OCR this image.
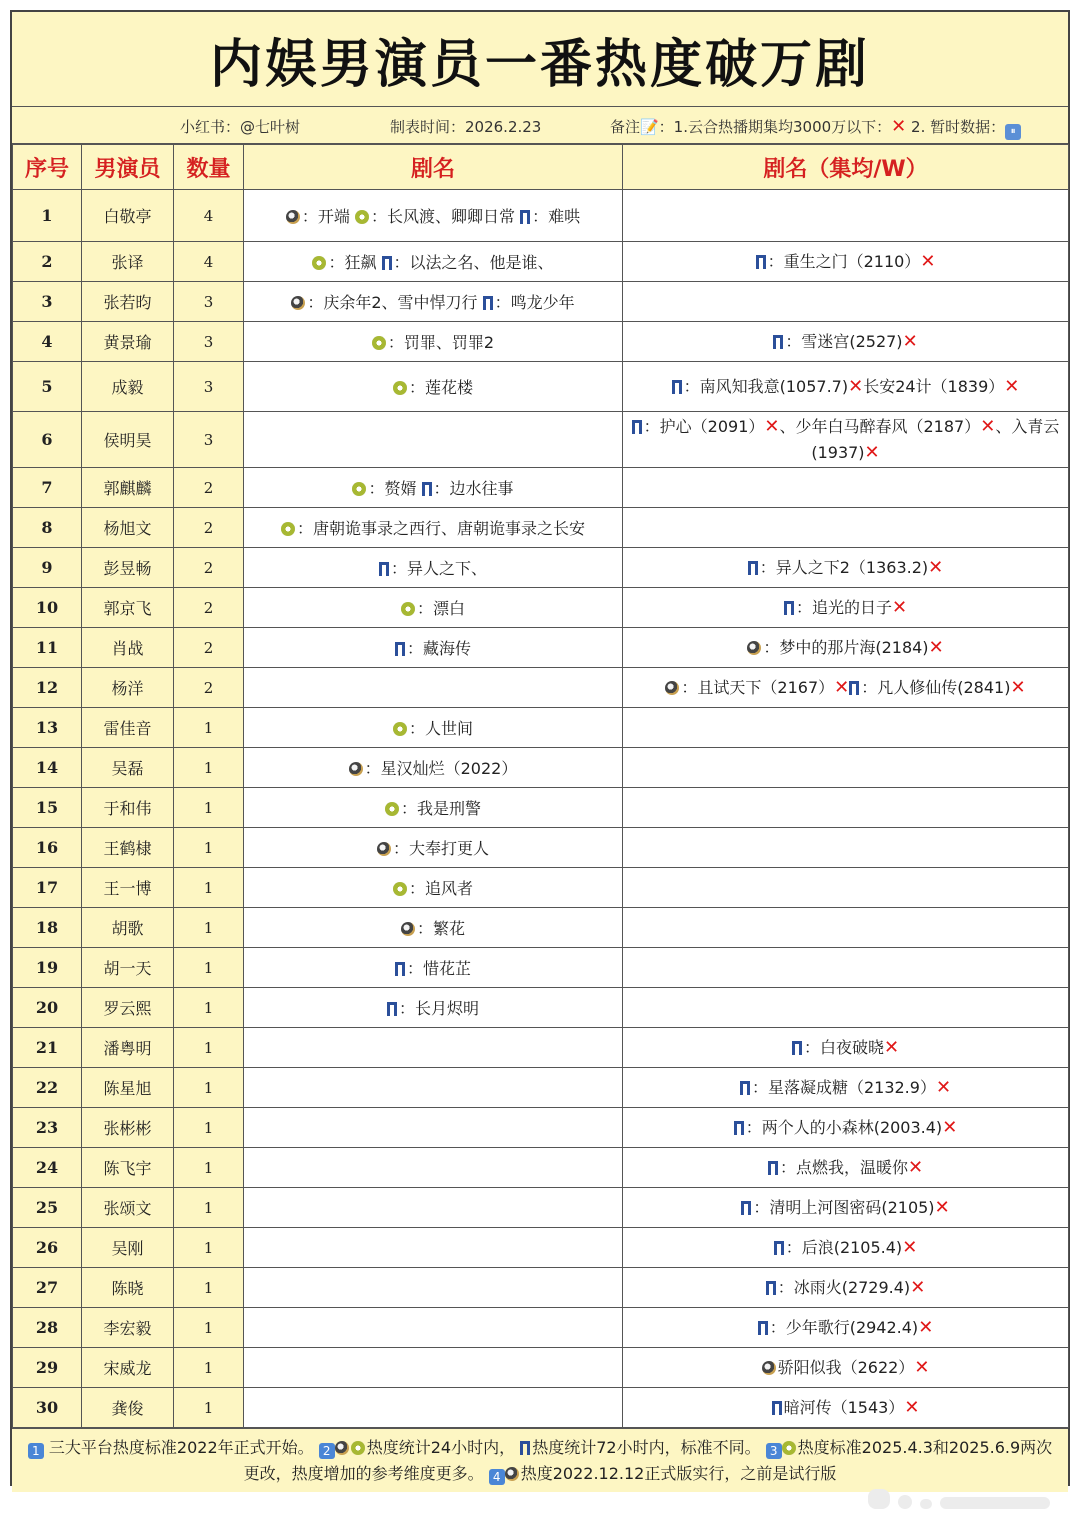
内娱男演员一番热度破万剧
小红书：@七叶树	制表时间：2026.2.23	备注📝：1.云合热播期集均3000万以下：✕ 2. 暂时数据： ⏸
序号	男演员	数量	剧名	剧名（集均/W）
1	白敬亭	4	：开端 ：长风渡、卿卿日常 ：难哄	
2	张译	4	：狂飙 ：以法之名、他是谁、	：重生之门（2110）✕
3	张若昀	3	：庆余年2、雪中悍刀行 ：鸣龙少年	
4	黄景瑜	3	：罚罪、罚罪2	：雪迷宫(2527)✕
5	成毅	3	：莲花楼	：南风知我意(1057.7)✕长安24计（1839）✕
6	侯明昊	3		：护心（2091）✕、少年白马醉春风（2187）✕、入青云(1937)✕
7	郭麒麟	2	：赘婿 ：边水往事	
8	杨旭文	2	：唐朝诡事录之西行、唐朝诡事录之长安	
9	彭昱畅	2	：异人之下、	：异人之下2（1363.2)✕
10	郭京飞	2	：漂白	：追光的日子✕
11	肖战	2	：藏海传	：梦中的那片海(2184)✕
12	杨洋	2		：且试天下（2167）✕ ：凡人修仙传(2841)✕
13	雷佳音	1	：人世间	
14	吴磊	1	：星汉灿烂（2022）	
15	于和伟	1	：我是刑警	
16	王鹤棣	1	：大奉打更人	
17	王一博	1	：追风者	
18	胡歌	1	：繁花	
19	胡一天	1	：惜花芷	
20	罗云熙	1	：长月烬明	
21	潘粤明	1		：白夜破晓✕
22	陈星旭	1		：星落凝成糖（2132.9）✕
23	张彬彬	1		：两个人的小森林(2003.4)✕
24	陈飞宇	1		：点燃我，温暖你✕
25	张颂文	1		：清明上河图密码(2105)✕
26	吴刚	1		：后浪(2105.4)✕
27	陈晓	1		：冰雨火(2729.4)✕
28	李宏毅	1		：少年歌行(2942.4)✕
29	宋威龙	1		骄阳似我（2622）✕
30	龚俊	1		暗河传（1543）✕
1 三大平台热度标准2022年正式开始。 2 热度统计24小时内， 热度统计72小时内，标准不同。 3 热度标准2025.4.3和2025.6.9两次更改，热度增加的参考维度更多。 4 热度2022.12.12正式版实行，之前是试行版
